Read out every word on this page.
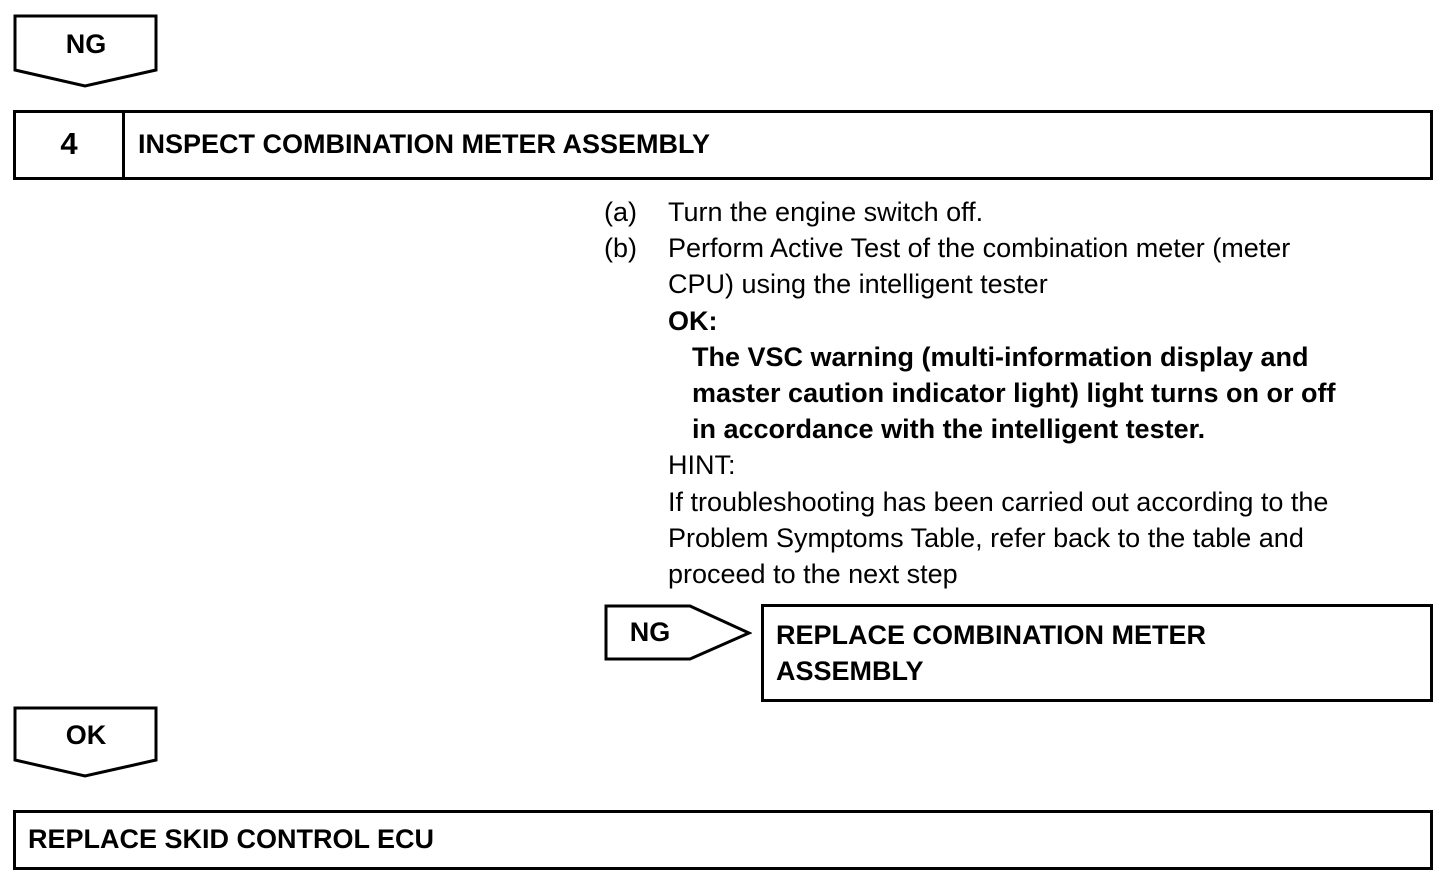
NG
4	INSPECT COMBINATION METER ASSEMBLY
(a) Turn the engine switch off.
(b) Perform Active Test of the combination meter (meter
CPU) using the intelligent tester
OK:
The VSC warning (multi-information display and
master caution indicator light) light turns on or off
in accordance with the intelligent tester.
HINT:
If troubleshooting has been carried out according to the
Problem Symptoms Table, refer back to the table and
proceed to the next step
NG	REPLACE COMBINATION METER
ASSEMBLY
OK
REPLACE SKID CONTROL ECU
